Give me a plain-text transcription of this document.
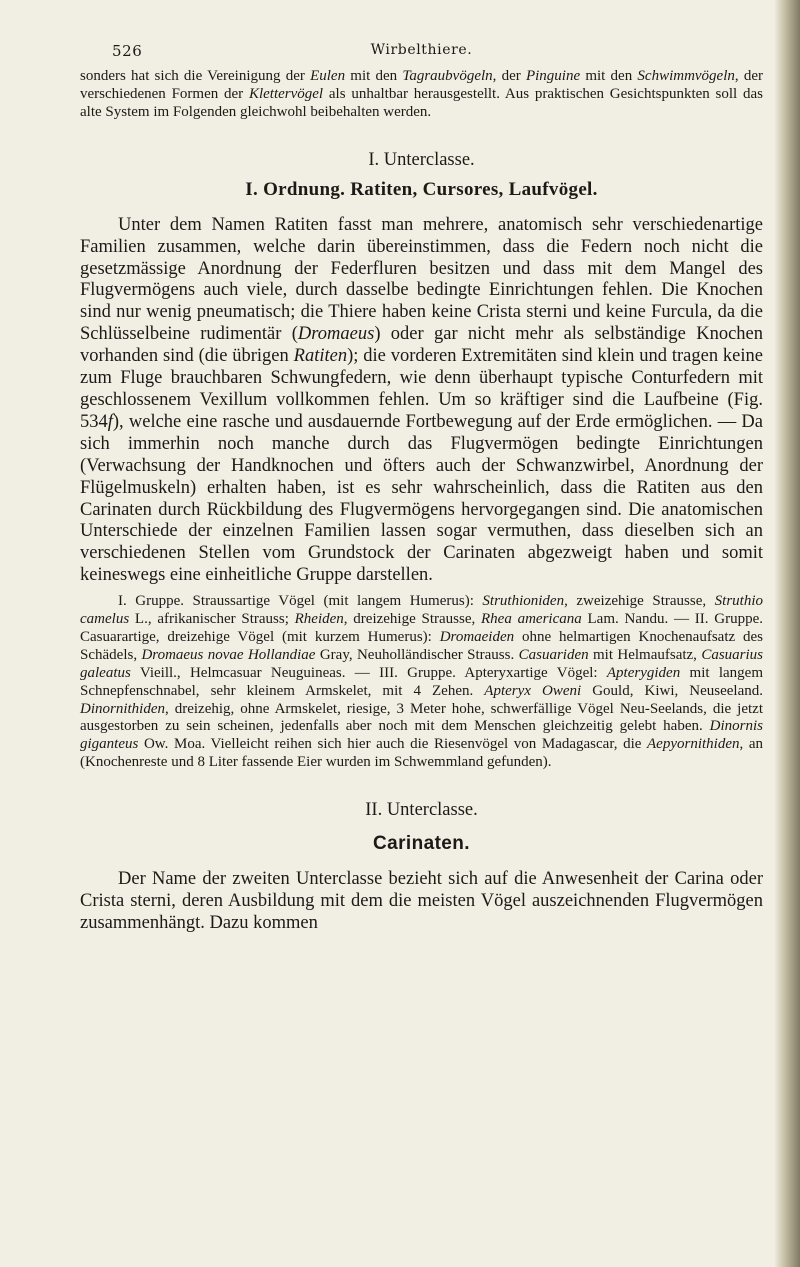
526	Wirbelthiere.

sonders hat sich die Vereinigung der Eulen mit den Tagraubvögeln, der Pinguine mit den Schwimmvögeln, der verschiedenen Formen der Klettervögel als unhaltbar herausgestellt. Aus praktischen Gesichtspunkten soll das alte System im Folgenden gleichwohl beibehalten werden.

I. Unterclasse.
I. Ordnung. Ratiten, Cursores, Laufvögel.

Unter dem Namen Ratiten fasst man mehrere, anatomisch sehr verschiedenartige Familien zusammen, welche darin übereinstimmen, dass die Federn noch nicht die gesetzmässige Anordnung der Federfluren besitzen und dass mit dem Mangel des Flugvermögens auch viele, durch dasselbe bedingte Einrichtungen fehlen. Die Knochen sind nur wenig pneumatisch; die Thiere haben keine Crista sterni und keine Furcula, da die Schlüsselbeine rudimentär (Dromaeus) oder gar nicht mehr als selbständige Knochen vorhanden sind (die übrigen Ratiten); die vorderen Extremitäten sind klein und tragen keine zum Fluge brauchbaren Schwungfedern, wie denn überhaupt typische Conturfedern mit geschlossenem Vexillum vollkommen fehlen. Um so kräftiger sind die Laufbeine (Fig. 534f), welche eine rasche und ausdauernde Fortbewegung auf der Erde ermöglichen. — Da sich immerhin noch manche durch das Flugvermögen bedingte Einrichtungen (Verwachsung der Handknochen und öfters auch der Schwanzwirbel, Anordnung der Flügelmuskeln) erhalten haben, ist es sehr wahrscheinlich, dass die Ratiten aus den Carinaten durch Rückbildung des Flugvermögens hervorgegangen sind. Die anatomischen Unterschiede der einzelnen Familien lassen sogar vermuthen, dass dieselben sich an verschiedenen Stellen vom Grundstock der Carinaten abgezweigt haben und somit keineswegs eine einheitliche Gruppe darstellen.

I. Gruppe. Straussartige Vögel (mit langem Humerus): Struthioniden, zweizehige Strausse, Struthio camelus L., afrikanischer Strauss; Rheiden, dreizehige Strausse, Rhea americana Lam. Nandu. — II. Gruppe. Casuarartige, dreizehige Vögel (mit kurzem Humerus): Dromaeiden ohne helmartigen Knochenaufsatz des Schädels, Dromaeus novae Hollandiae Gray, Neuholländischer Strauss. Casuariden mit Helmaufsatz, Casuarius galeatus Vieill., Helmcasuar Neuguineas. — III. Gruppe. Apteryxartige Vögel: Apterygiden mit langem Schnepfenschnabel, sehr kleinem Armskelet, mit 4 Zehen. Apteryx Oweni Gould, Kiwi, Neuseeland. Dinornithiden, dreizehig, ohne Armskelet, riesige, 3 Meter hohe, schwerfällige Vögel Neu-Seelands, die jetzt ausgestorben zu sein scheinen, jedenfalls aber noch mit dem Menschen gleichzeitig gelebt haben. Dinornis giganteus Ow. Moa. Vielleicht reihen sich hier auch die Riesenvögel von Madagascar, die Aepyornithiden, an (Knochenreste und 8 Liter fassende Eier wurden im Schwemmland gefunden).

II. Unterclasse.
Carinaten.

Der Name der zweiten Unterclasse bezieht sich auf die Anwesenheit der Carina oder Crista sterni, deren Ausbildung mit dem die meisten Vögel auszeichnenden Flugvermögen zusammenhängt. Dazu kommen
